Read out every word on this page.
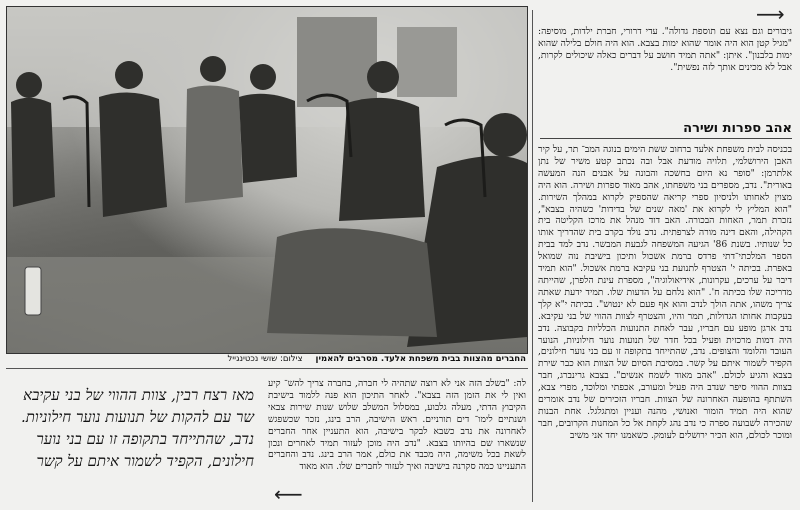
⟶
⟵

גיבורים וגם נצא עם תוספת גדולה". עדי דרורי, חברת ילדות, מוסיפה: "מגיל קטן הוא היה אומר שהוא ימות בצבא. הוא היה חולם בלילה שהוא ימות בלבנון". איתן: "אתה תמיד חושב על דברים כאלה שיכולים לקרות, אבל לא מכינים אותך לזה נפשית".

אהב ספרות ושירה

בכניסה לבית משפחת אלעד ברחוב ששת הימים בנוגה המב־ תר, על קיר האבן הירושלמי, תלויה מודעת אבל ובה נכתב קטע משיר של נתן אלתרמן: "סופר נא היום בחשכה והבונה על אבנים הנה המעשה באורית". נדב, מספרים בני משפחתו, אהב מאוד ספרות ושירה. הוא היה מצוין לאחותו ולניסיון ספרי קריאה שהספיק לקרוא במהלך השירות. "הוא המליץ לי לקרוא את 'מאה שנים של בדידות' כשהיה בצבא", נזכרת תמר, האחות הבכורה. האב דוד מנהל את מרכז הקליטה בית הקהילה, והאם דינה מורה לצרפתית. נדב נולד בקרב בית שהדריך אותו כל שנותיו. בשנת 86' הגיעה המשפחה לגבעת המבשר. נדב למד בבית הספר המלכתי־דתי פרדס ברמת אשכול ותיכון בישיבת נוה שמואל באפרת. בכיתה י' הצטרף לתנועת בני עקיבא ברמת אשכול. "הוא תמיד דיבר על ערכים, עקרונות, אידיאולוגיה", מספרת עינת הלפרן, שהייתה מדריכה שלו בכיתה ח'. "הוא נלחם על הדעות שלו. תמיד ידעת שאתה צריך משהו, אתה הולך לנדב והוא אף פעם לא ינטוש". בכיתה י"א קלך בעקבות אחותו הגדולות, תמר והיו, והצטרף לצוות ההווי של בני עקיבא. נדב ארגן מופע עם חבריו, עבר לאחת התנועות הכלליות בקבוצה. נדב היה דמות מרכזית ופעיל בכל חדר של תנועות נוער חילוניות, הנוער העובד והלומד והצופים. נדב, שהתייחד בתקופה זו עם בני נוער חילונים, הקפיד לשמור איתם על קשר. במסיבת הסיום של הצוות הוא כבר שירת בצבא והגיע לכולם. "אהב מאוד לשמח אנשים". בצבא גרינברג, חבר בצוות ההווי סיפר שנדב היה פעיל ומעורב, אכפתי ומלוכד, מפרי צבא, השתתף בהופעה האחרונה של הצוות. חבריו הזכירים של נדב אומרים שהוא היה תמיד הומור ואנושי, מהנה ועניין ומתגלגל. אחת הבנות שהכירה לשבועה ספרה כי נדב נהג לקחת אל כל המחנות הקרובים, חבר ומוכר לכולם, הוא הכיר ירושלים לעומק. כשאמנו יחד אני משיב

החברים מהצוות בבית משפחת אלעד. מסרבים להאמין צילום: שושי נכטינגייל

לה: "בשלב הזה אני לא רוצה שתהיה לי חברה, בחברה צריך להש־ קיע ואין לי את הזמן הזה בצבא". לאחר התיכון הוא פנה ללמוד בישיבת הקיבוץ הדתי, מעלה גלבוע, במסלול המשלב שלוש שנות שירות צבאי ושנתיים לימו־ דים תורניים. ראש הישיבה, הרב בינג, נזכר שכשפגש לאחרונה את נדב כשבא לבקר בישיבה, הוא התעניין אחר החברים שנשארו שם בהיותו בצבא. "נדב היה מוכן לעזור תמיד לאחרים ונכון לשאת בכל משימה, היה מכבד את כולם, אמר הרב בינג. נדב והחברים התעניינו כמה סקרנה בישיבה ואיך לעזור לחברים שלו. הוא מאוד

מאז רצח רבין, צוות ההווי של בני עקיבא שר עם להקות של תנועות נוער חילוניות. נדב, שהתייחד בתקופה זו עם בני נוער חילונים, הקפיד לשמור איתם על קשר
